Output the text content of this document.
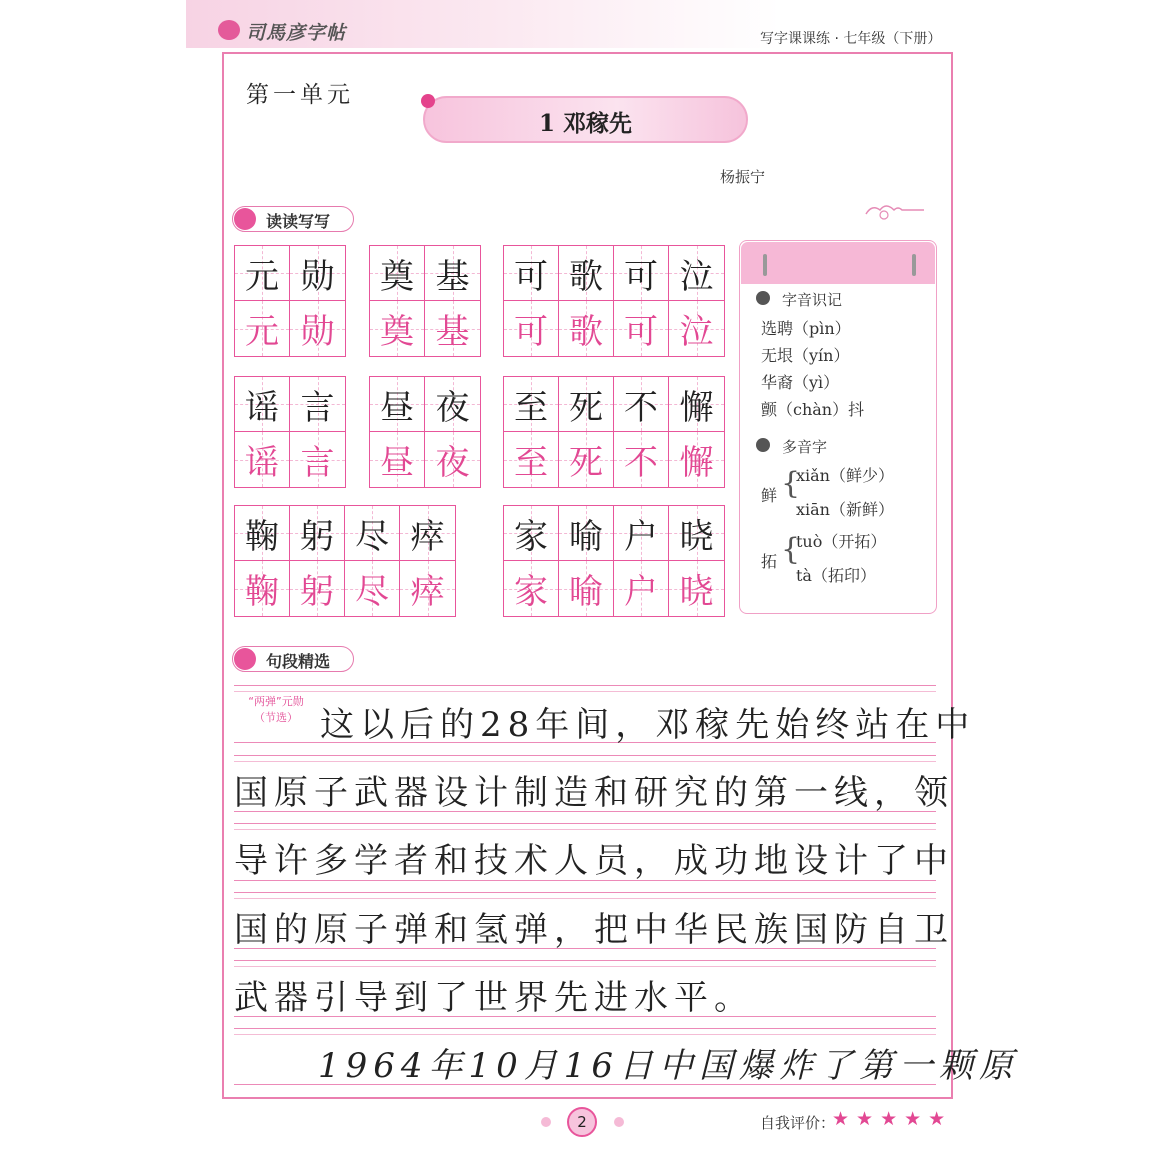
司馬彦字帖	写字课课练 · 七年级（下册）
第一单元
1 邓稼先
杨振宁
读读写写
元
元
勋
勋
奠
奠
基
基
可
可
歌
歌
可
可
泣
泣
谣
谣
言
言
昼
昼
夜
夜
至
至
死
死
不
不
懈
懈
鞠
鞠
躬
躬
尽
尽
瘁
瘁
家
家
喻
喻
户
户
晓
晓
字音识记
选聘（pìn）
无垠（yín）
华裔（yì）
颤（chàn）抖
多音字
鲜 {
xiǎn（鲜少）
xiān（新鲜）
拓 {
tuò（开拓）
tà（拓印）
句段精选
“两弹”元勋
（节选） 这以后的28年间，邓稼先始终站在中
国原子武器设计制造和研究的第一线，领
导许多学者和技术人员，成功地设计了中
国的原子弹和氢弹，把中华民族国防自卫
武器引导到了世界先进水平。
1964年10月16日中国爆炸了第一颗原
2	自我评价：
★★★★★
